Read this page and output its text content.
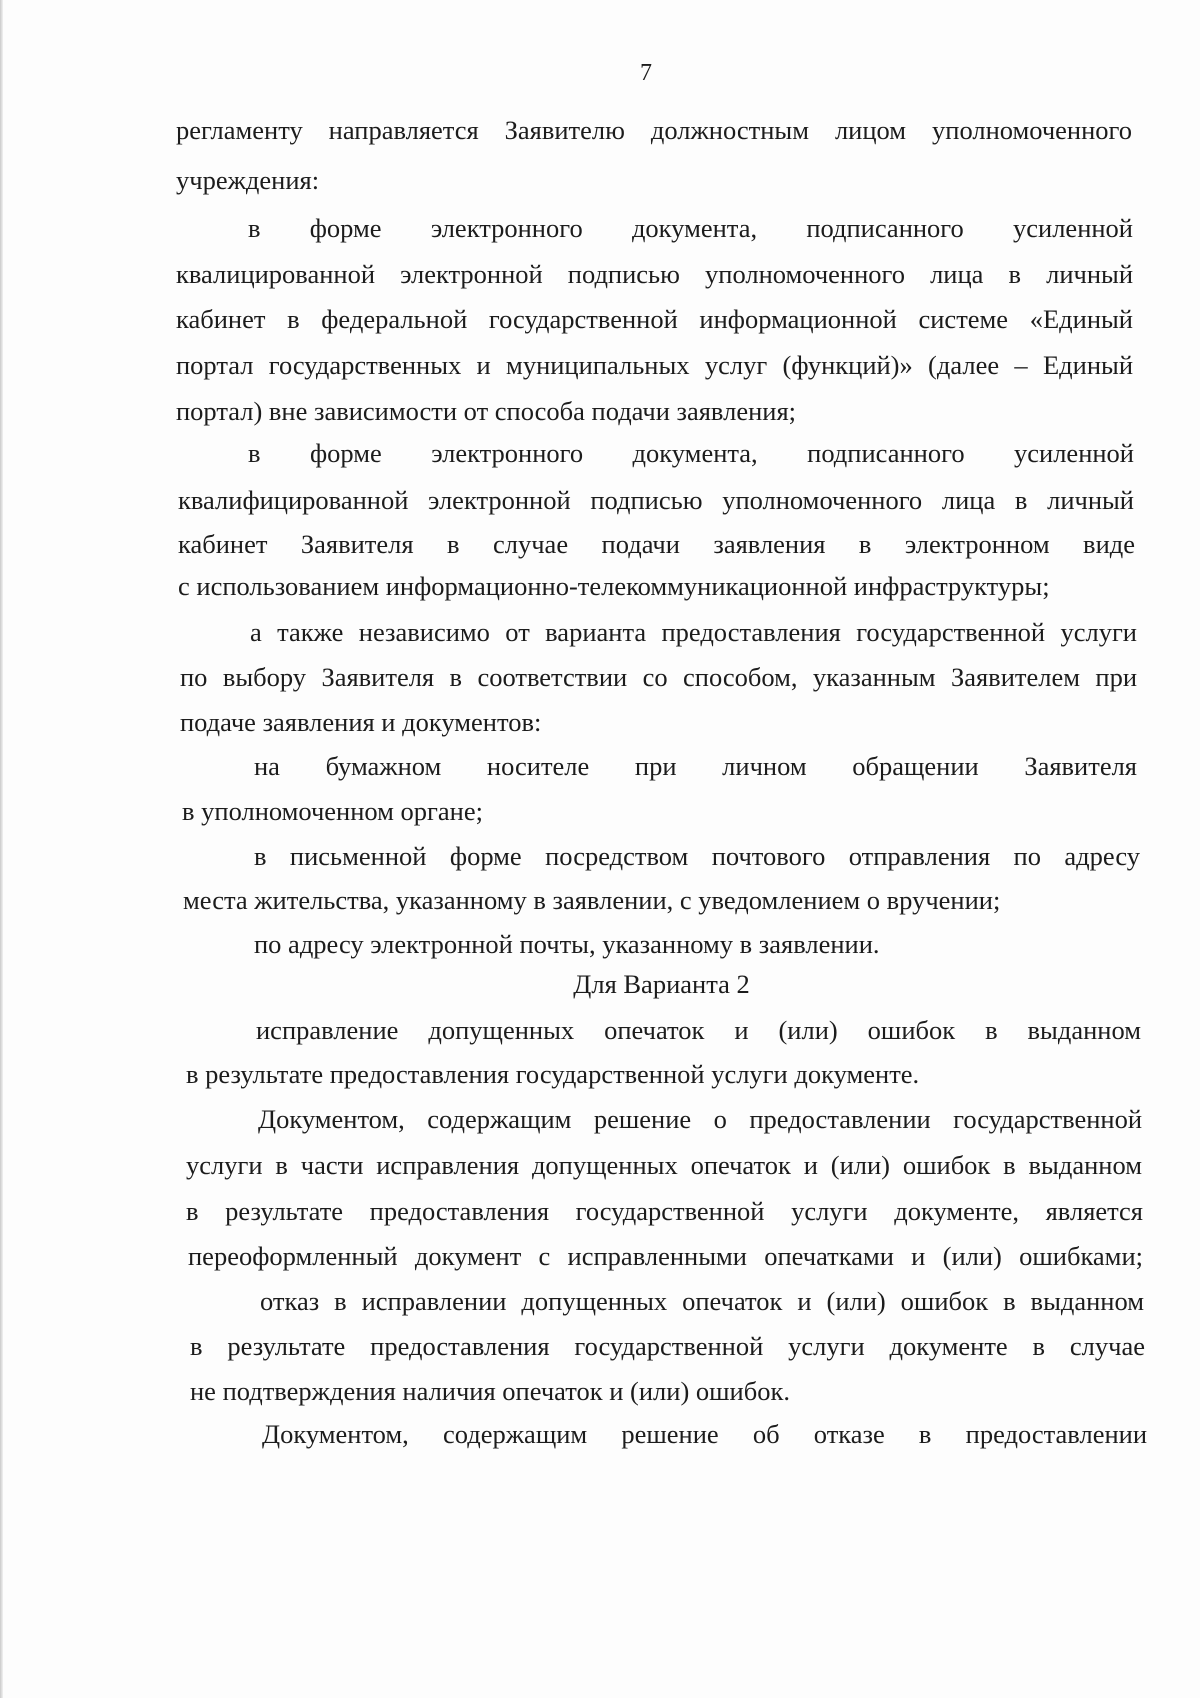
7
регламенту направляется Заявителю должностным лицом уполномоченного
учреждения:
в форме электронного документа, подписанного усиленной
квалицированной электронной подписью уполномоченного лица в личный
кабинет в федеральной государственной информационной системе «Единый
портал государственных и муниципальных услуг (функций)» (далее – Единый
портал) вне зависимости от способа подачи заявления;
в форме электронного документа, подписанного усиленной
квалифицированной электронной подписью уполномоченного лица в личный
кабинет Заявителя в случае подачи заявления в электронном виде
с использованием информационно-телекоммуникационной инфраструктуры;
а также независимо от варианта предоставления государственной услуги
по выбору Заявителя в соответствии со способом, указанным Заявителем при
подаче заявления и документов:
на бумажном носителе при личном обращении Заявителя
в уполномоченном органе;
в письменной форме посредством почтового отправления по адресу
места жительства, указанному в заявлении, с уведомлением о вручении;
по адресу электронной почты, указанному в заявлении.
Для Варианта 2
исправление допущенных опечаток и (или) ошибок в выданном
в результате предоставления государственной услуги документе.
Документом, содержащим решение о предоставлении государственной
услуги в части исправления допущенных опечаток и (или) ошибок в выданном
в результате предоставления государственной услуги документе, является
переоформленный документ с исправленными опечатками и (или) ошибками;
отказ в исправлении допущенных опечаток и (или) ошибок в выданном
в результате предоставления государственной услуги документе в случае
не подтверждения наличия опечаток и (или) ошибок.
Документом, содержащим решение об отказе в предоставлении
